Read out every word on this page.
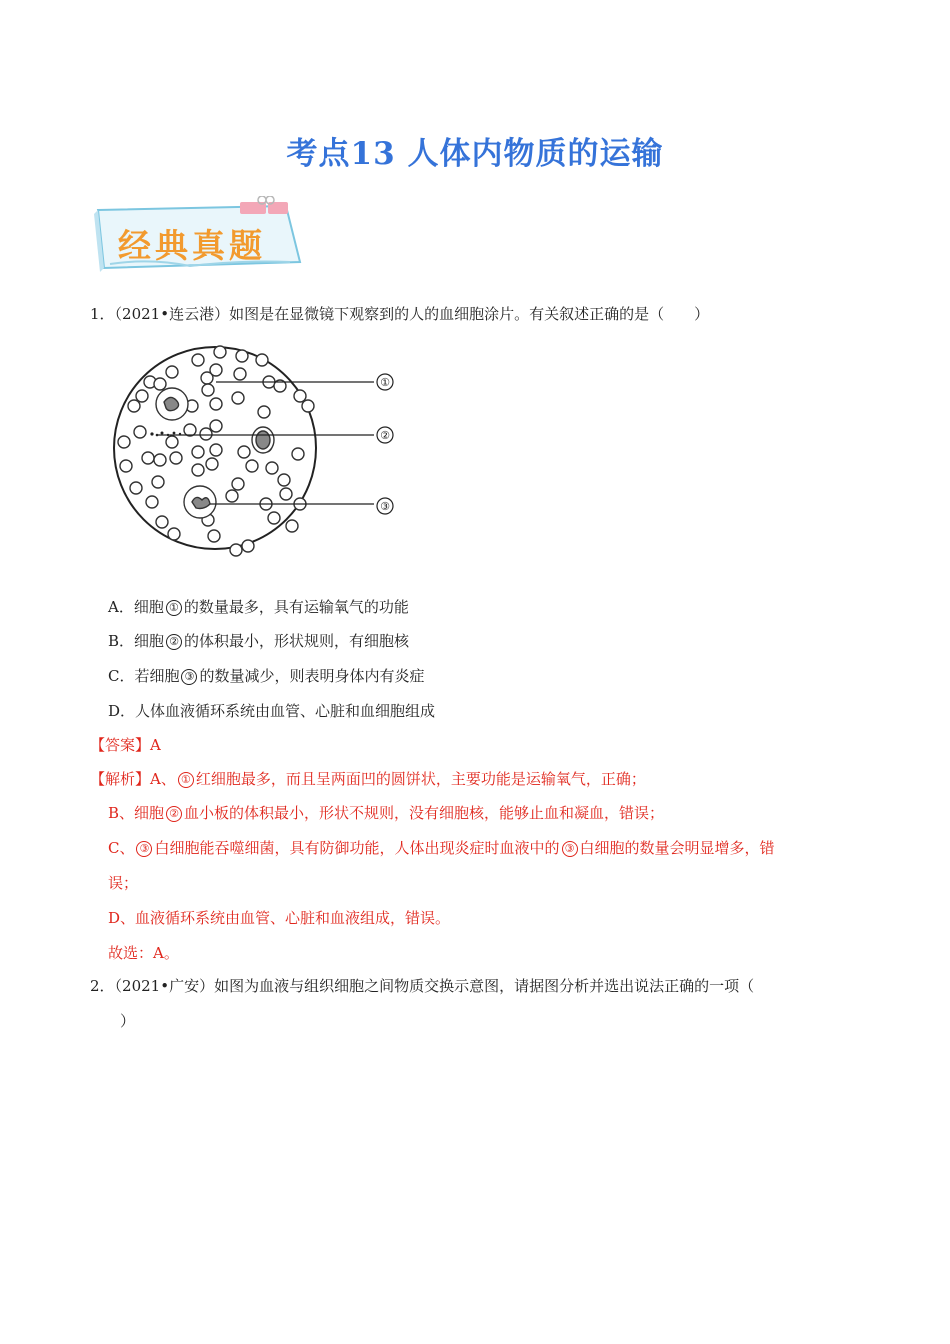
考点13 人体内物质的运输
经典真题
1．（2021•连云港）如图是在显微镜下观察到的人的血细胞涂片。有关叙述正确的是（　　）
①
②
③
A．细胞 ① 的数量最多，具有运输氧气的功能
B．细胞 ② 的体积最小，形状规则，有细胞核
C．若细胞 ③ 的数量减少，则表明身体内有炎症
D．人体血液循环系统由血管、心脏和血细胞组成
【答案】A
【解析】A、 ① 红细胞最多，而且呈两面凹的圆饼状，主要功能是运输氧气，正确；
B、细胞 ② 血小板的体积最小，形状不规则，没有细胞核，能够止血和凝血，错误；
C、 ③ 白细胞能吞噬细菌，具有防御功能，人体出现炎症时血液中的 ③ 白细胞的数量会明显增多，错
误；
D、血液循环系统由血管、心脏和血液组成，错误。
故选：A。
2．（2021•广安）如图为血液与组织细胞之间物质交换示意图，请据图分析并选出说法正确的一项（
）
